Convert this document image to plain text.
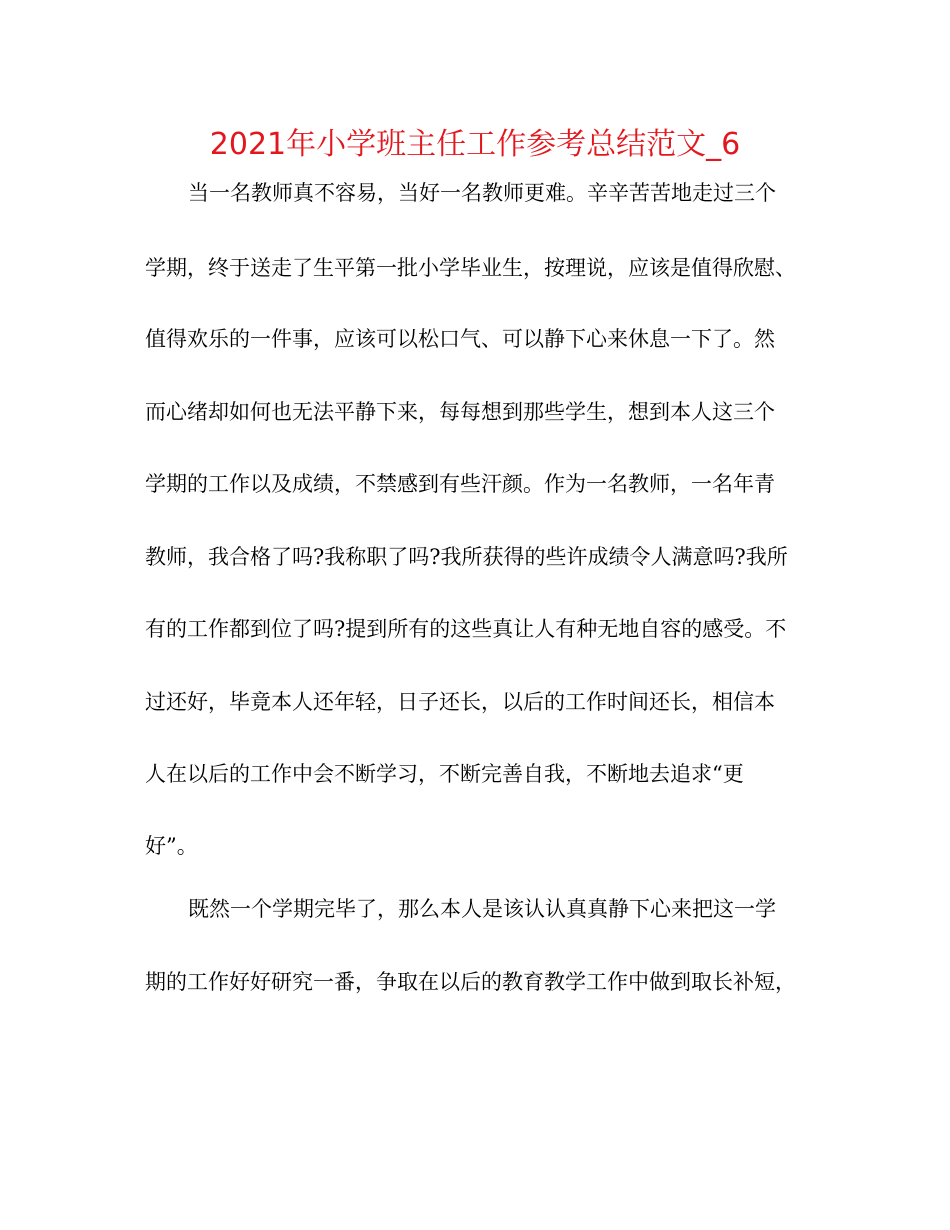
2021年小学班主任工作参考总结范文_6

当一名教师真不容易，当好一名教师更难。辛辛苦苦地走过三个

学期，终于送走了生平第一批小学毕业生，按理说，应该是值得欣慰、

值得欢乐的一件事，应该可以松口气、可以静下心来休息一下了。然

而心绪却如何也无法平静下来，每每想到那些学生，想到本人这三个

学期的工作以及成绩，不禁感到有些汗颜。作为一名教师，一名年青

教师，我合格了吗?我称职了吗?我所获得的些许成绩令人满意吗?我所

有的工作都到位了吗?提到所有的这些真让人有种无地自容的感受。不

过还好，毕竟本人还年轻，日子还长，以后的工作时间还长，相信本

人在以后的工作中会不断学习，不断完善自我，不断地去追求“更

好”。

既然一个学期完毕了，那么本人是该认认真真静下心来把这一学

期的工作好好研究一番，争取在以后的教育教学工作中做到取长补短，
